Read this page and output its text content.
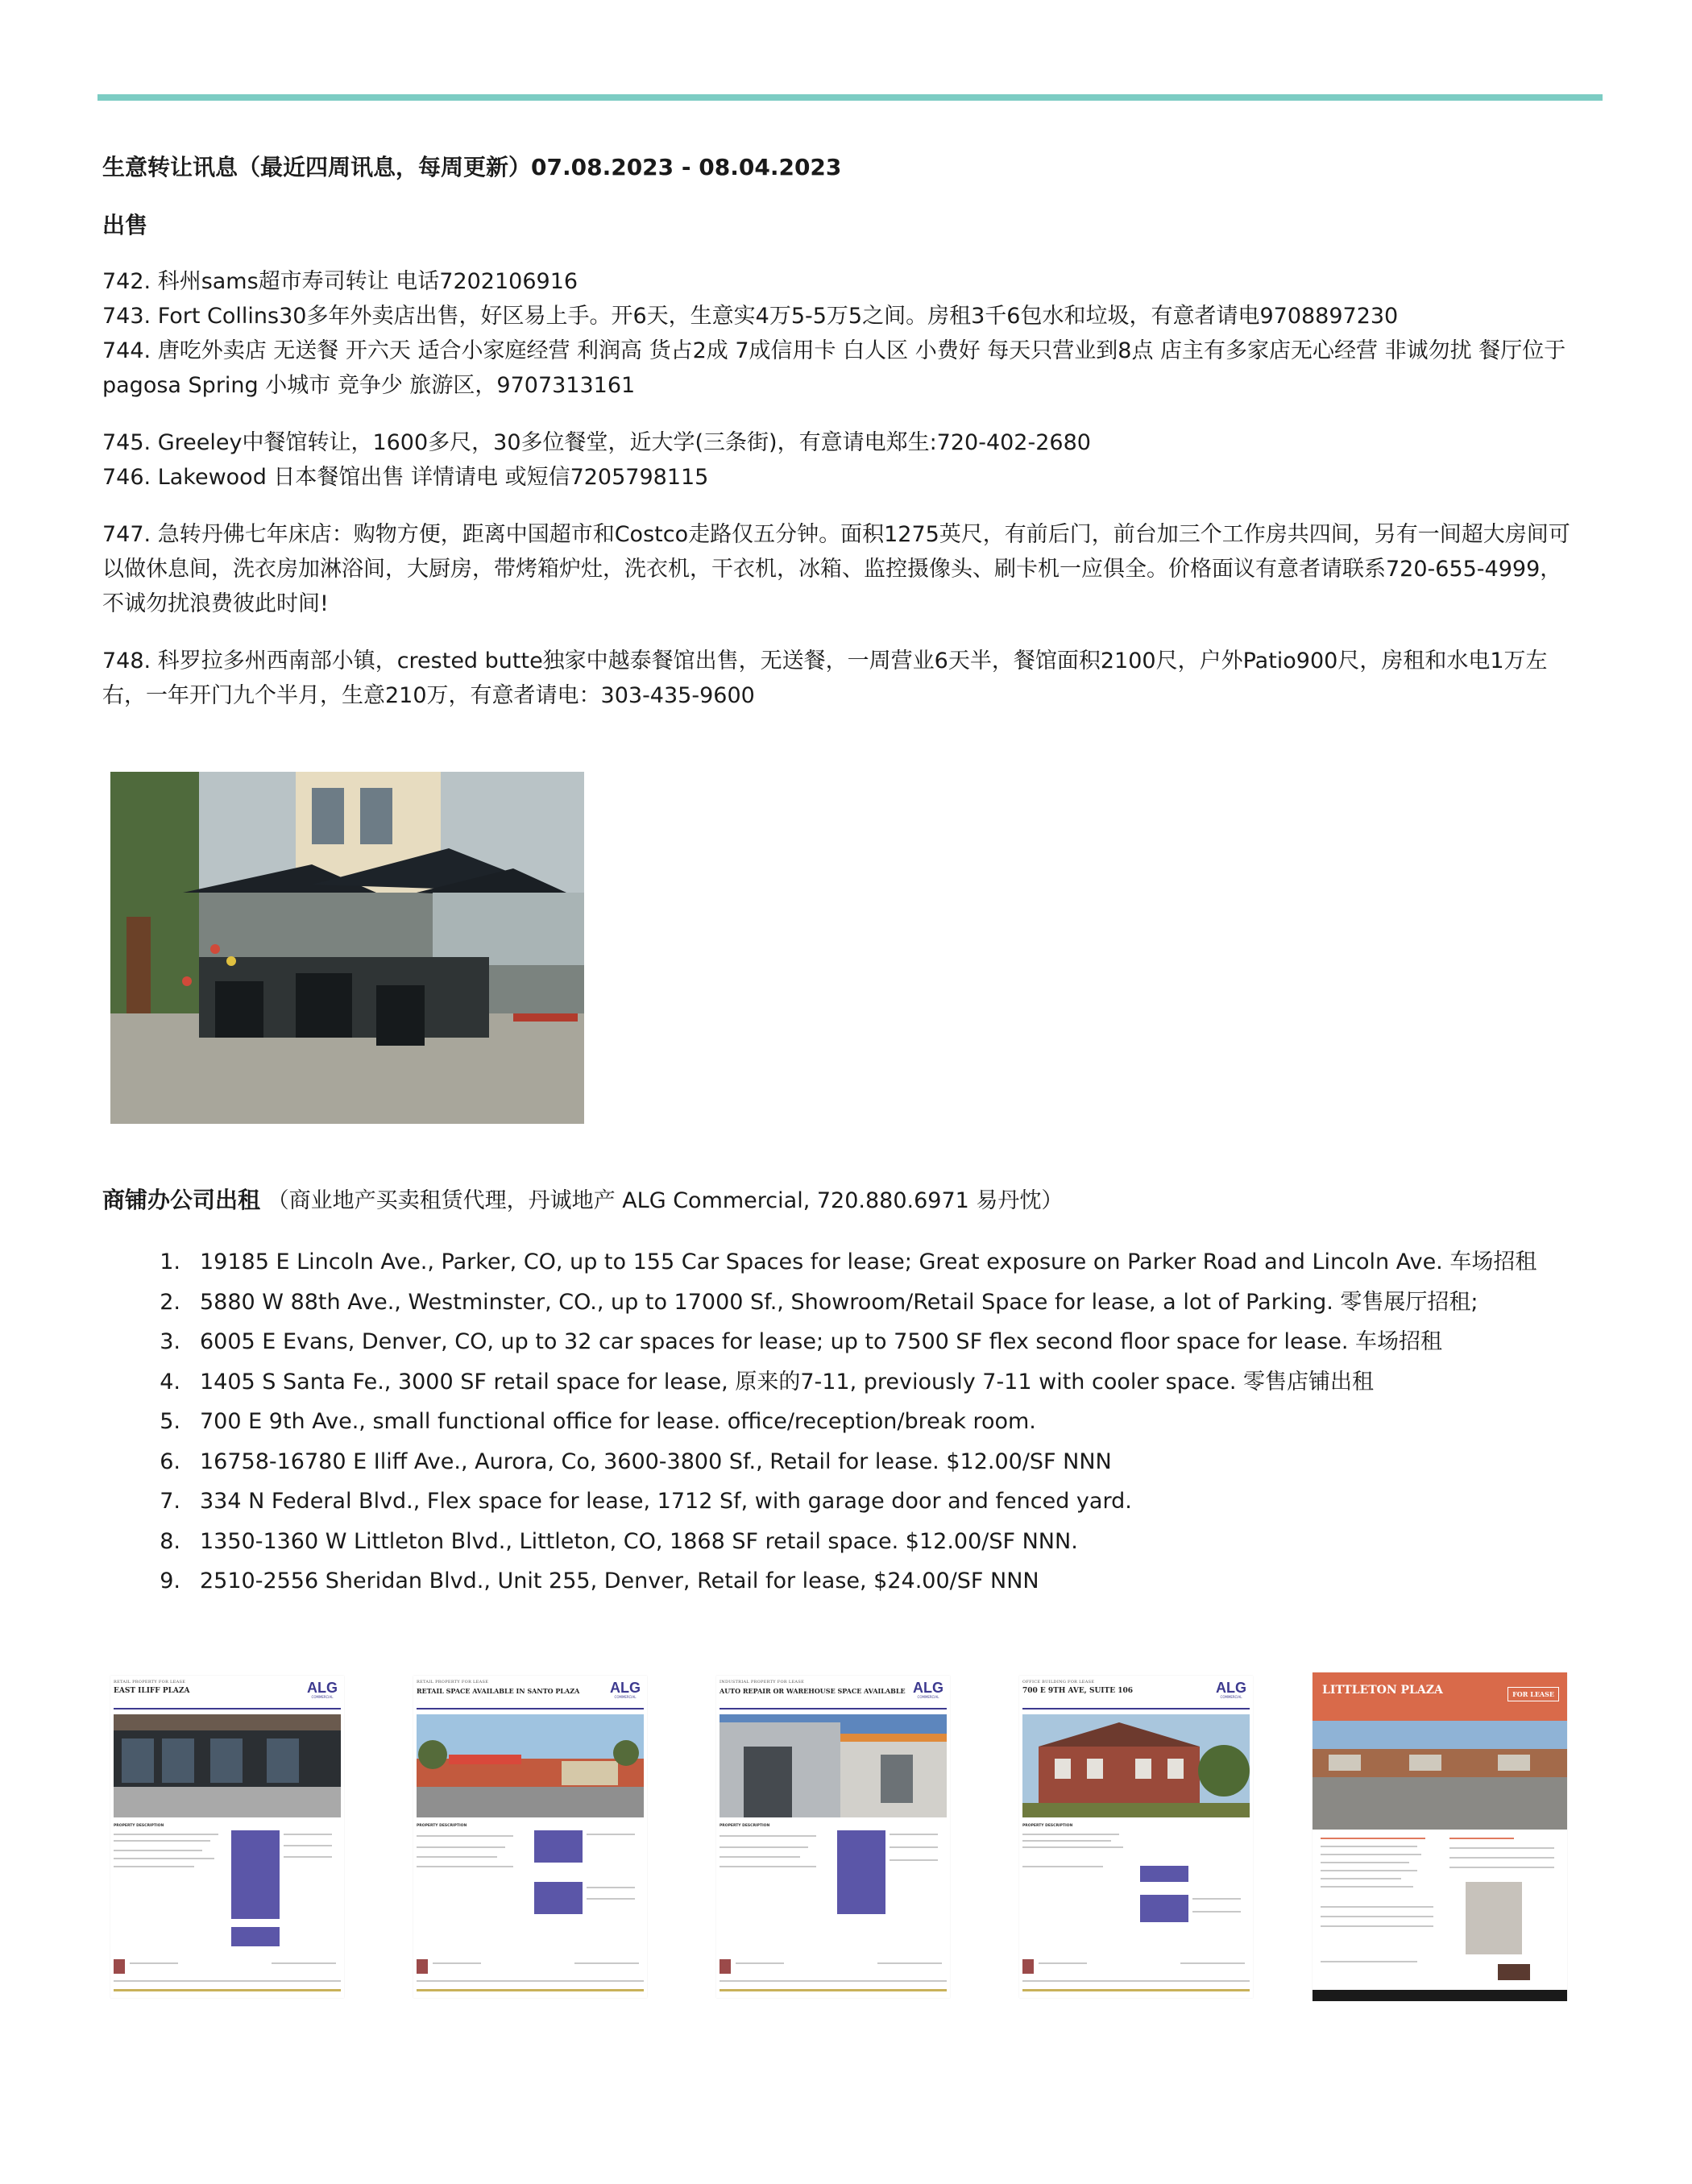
生意转让讯息（最近四周讯息，每周更新）07.08.2023 - 08.04.2023
出售
742. 科州sams超市寿司转让 电话7202106916
743. Fort Collins30多年外卖店出售，好区易上手。开6天，生意实4万5-5万5之间。房租3千6包水和垃圾，有意者请电9708897230
744. 唐吃外卖店 无送餐 开六天 适合小家庭经营 利润高 货占2成 7成信用卡 白人区 小费好 每天只营业到8点 店主有多家店无心经营 非诚勿扰 餐厅位于pagosa Spring 小城市 竞争少 旅游区，9707313161
745. Greeley中餐馆转让，1600多尺，30多位餐堂，近大学(三条街)，有意请电郑生:720-402-2680
746. Lakewood 日本餐馆出售 详情请电 或短信7205798115
747. 急转丹佛七年床店：购物方便，距离中国超市和Costco走路仅五分钟。面积1275英尺，有前后门，前台加三个工作房共四间，另有一间超大房间可以做休息间，洗衣房加淋浴间，大厨房，带烤箱炉灶，洗衣机，干衣机，冰箱、监控摄像头、刷卡机一应俱全。价格面议有意者请联系720-655-4999，不诚勿扰浪费彼此时间!
748. 科罗拉多州西南部小镇，crested butte独家中越泰餐馆出售，无送餐，一周营业6天半，餐馆面积2100尺，户外Patio900尺，房租和水电1万左右，一年开门九个半月，生意210万，有意者请电：303-435-9600
商铺办公司出租 （商业地产买卖租赁代理，丹诚地产 ALG Commercial, 720.880.6971 易丹忱）
1. 19185 E Lincoln Ave., Parker, CO, up to 155 Car Spaces for lease; Great exposure on Parker Road and Lincoln Ave. 车场招租
2. 5880 W 88th Ave., Westminster, CO., up to 17000 Sf., Showroom/Retail Space for lease, a lot of Parking. 零售展厅招租;
3. 6005 E Evans, Denver, CO, up to 32 car spaces for lease; up to 7500 SF flex second floor space for lease. 车场招租
4. 1405 S Santa Fe., 3000 SF retail space for lease, 原来的7-11, previously 7-11 with cooler space. 零售店铺出租
5. 700 E 9th Ave., small functional office for lease. office/reception/break room.
6. 16758-16780 E Iliff Ave., Aurora, Co, 3600-3800 Sf., Retail for lease. $12.00/SF NNN
7. 334 N Federal Blvd., Flex space for lease, 1712 Sf, with garage door and fenced yard.
8. 1350-1360 W Littleton Blvd., Littleton, CO, 1868 SF retail space. $12.00/SF NNN.
9. 2510-2556 Sheridan Blvd., Unit 255, Denver, Retail for lease, $24.00/SF NNN
RETAIL PROPERTY FOR LEASE
EAST ILIFF PLAZA	ALG
COMMERCIAL
PROPERTY DESCRIPTION
RETAIL PROPERTY FOR LEASE
RETAIL SPACE AVAILABLE IN SANTO PLAZA ALG
COMMERCIAL
PROPERTY DESCRIPTION
INDUSTRIAL PROPERTY FOR LEASE
AUTO REPAIR OR WAREHOUSE SPACE AVAILABLE ALG
COMMERCIAL
PROPERTY DESCRIPTION
OFFICE BUILDING FOR LEASE
700 E 9TH AVE, SUITE 106	ALG
COMMERCIAL
PROPERTY DESCRIPTION
LITTLETON PLAZA	FOR LEASE
